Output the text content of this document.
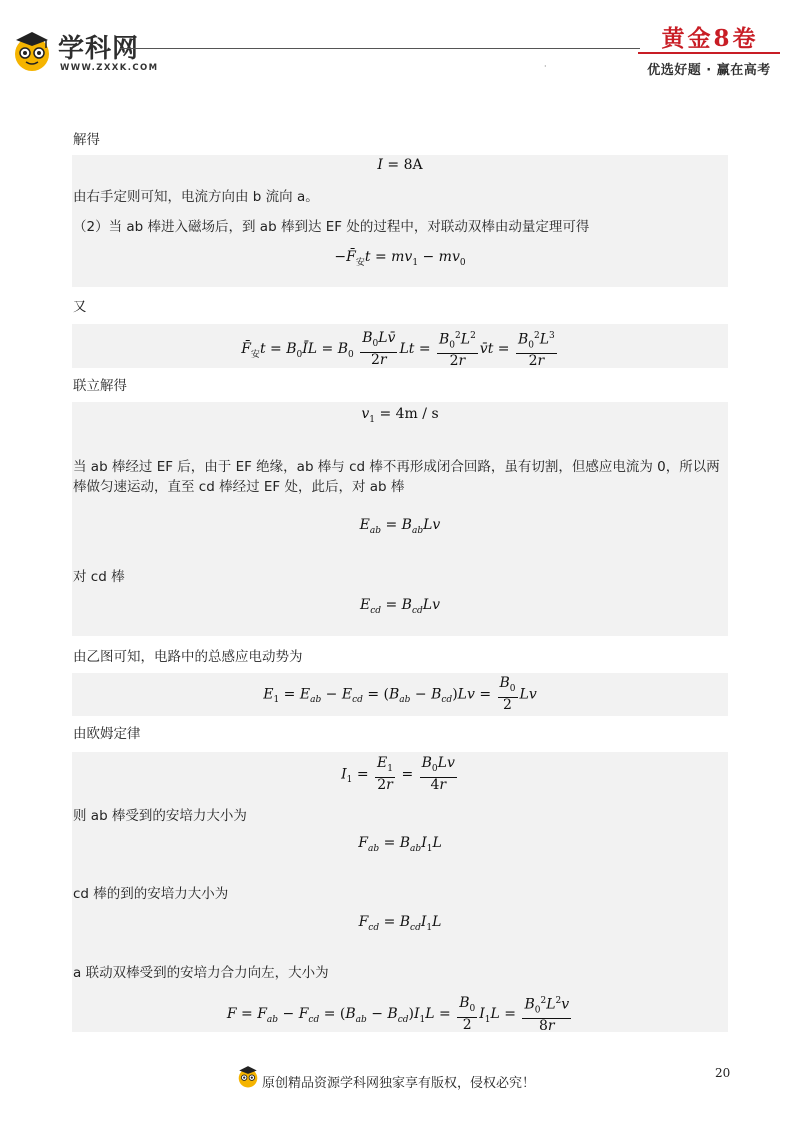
学科网
WWW.ZXXK.COM	·
黄金8卷
优选好题 · 赢在高考
解得
I = 8A
由右手定则可知，电流方向由 b 流向 a。
（2）当 ab 棒进入磁场后，到 ab 棒到达 EF 处的过程中，对联动双棒由动量定理可得
$-F̄_安t = mv_1 - mv_0$
又
$F̄_安t$ = $B_0ĪL = B_0 \frac{B_0Lv̄}{2r}$ $Lt = \frac{B_0^2L^2}{2r}$ v̄t = $\frac{B_0^2L^3}{2r}$
联立解得
$v_1 = 4m / s$
当 ab 棒经过 EF 后，由于 EF 绝缘，ab 棒与 cd 棒不再形成闭合回路，虽有切割，但感应电流为 0，所以两棒做匀速运动，直至 cd 棒经过 EF 处，此后，对 ab 棒
$E_{ab} = B_{ab}Lv$
对 cd 棒
$E_{cd} = B_{cd}Lv$
由乙图可知，电路中的总感应电动势为
$E_1 = E_{ab} - E_{cd} = (B_{ab} - B_{cd})Lv = \frac{B_0}{2}$ Lv
由欧姆定律
$I_1 = \frac{E_1}{2r} = \frac{B_0Lv}{4r}$
则 ab 棒受到的安培力大小为
$F_{ab} = B_{ab}I_1L$
cd 棒的到的安培力大小为
$F_{cd} = B_{cd}I_1L$
a 联动双棒受到的安培力合力向左，大小为
$F = F_{ab} - F_{cd} = (B_{ab} - B_{cd})I_1L = \frac{B_0}{2} I_1L = \frac{B_0^2L^2v}{8r}$
20
原创精品资源学科网独家享有版权，侵权必究！
